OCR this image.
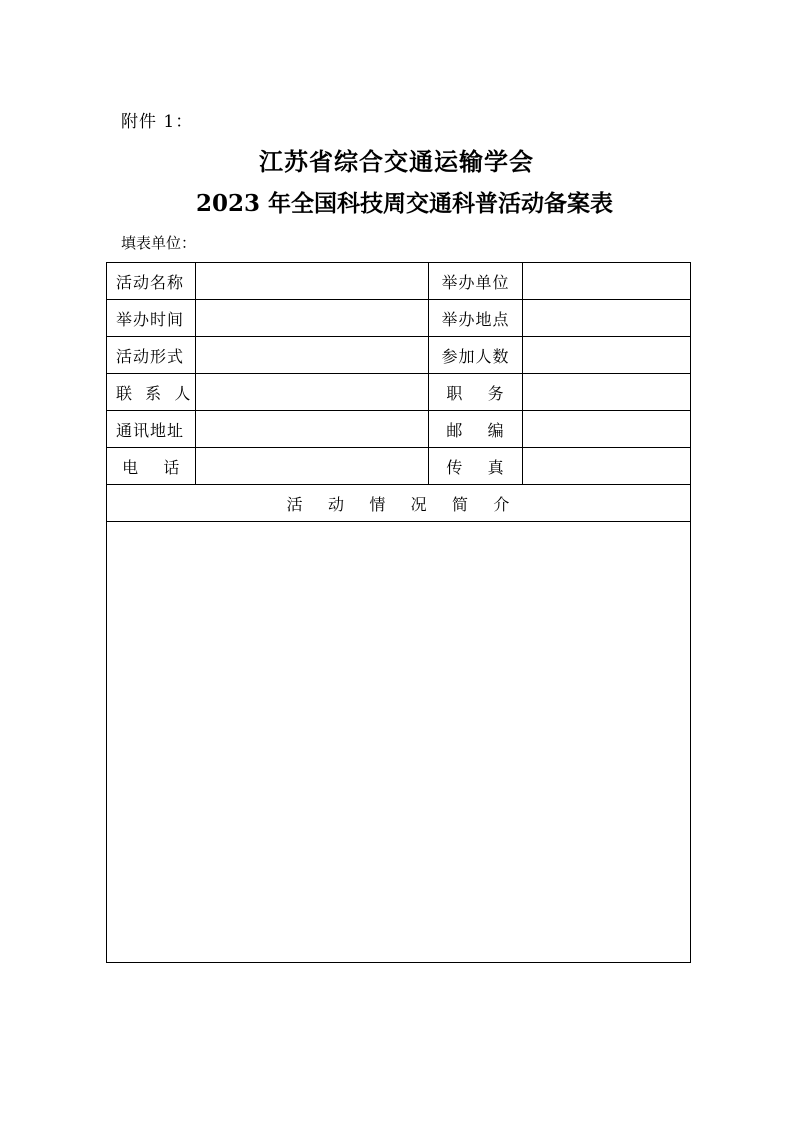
附件 1：
江苏省综合交通运输学会
2023 年全国科技周交通科普活动备案表
填表单位：
活动名称		举办单位	
举办时间		举办地点	
活动形式		参加人数	
联  系  人		职    务	
通讯地址		邮    编	
电    话		传    真	
活    动    情    况    简    介			
